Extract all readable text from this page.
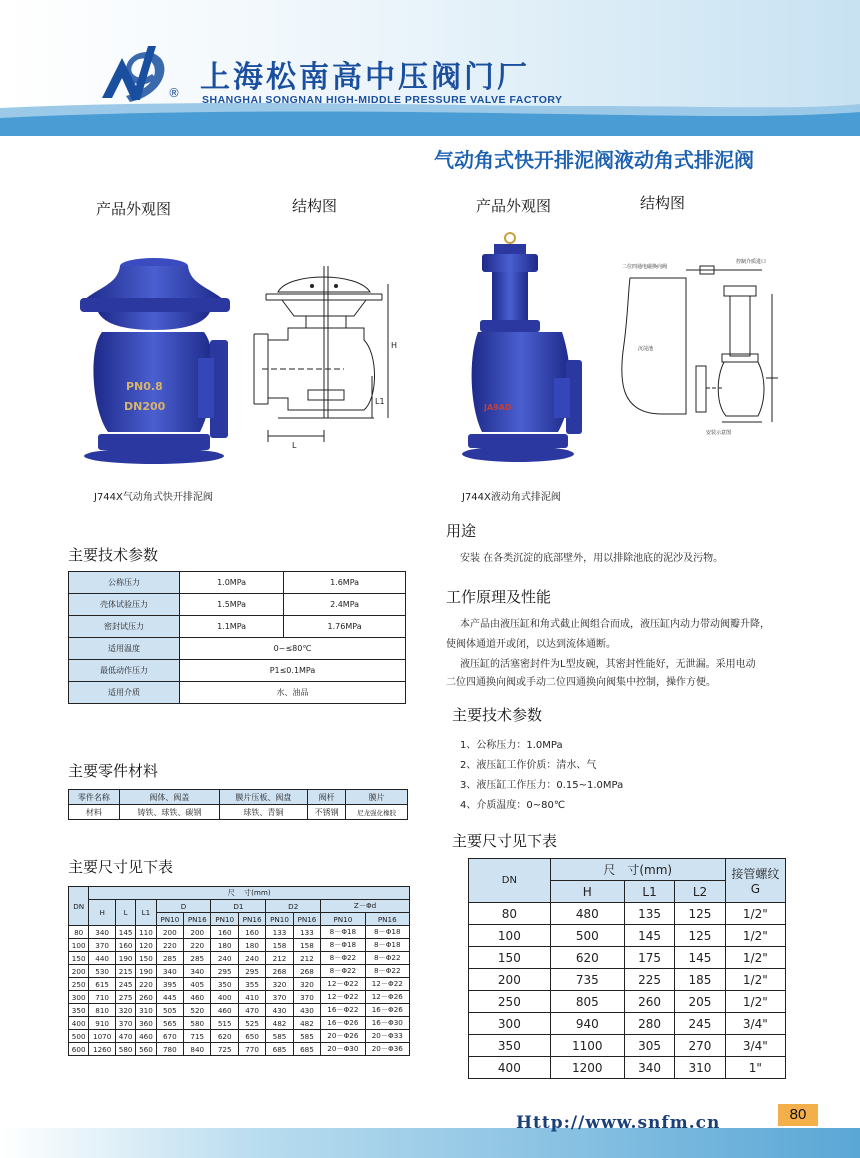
® 上海松南高中压阀门厂
SHANGHAI SONGNAN HIGH-MIDDLE PRESSURE VALVE FACTORY
气动角式快开排泥阀液动角式排泥阀
产品外观图	结构图
PN0.8
DN200
H
L1
L
J744X气动角式快开排泥阀
主要技术参数
公称压力	1.0MPa	1.6MPa
壳体试验压力	1.5MPa	2.4MPa
密封试压力	1.1MPa	1.76MPa
适用温度	0~≤80℃	
最低动作压力	P1≤0.1MPa	
适用介质	水、油品	
主要零件材料
零件名称	阀体、阀盖	膜片压板、阀盘	阀杆	膜片
材料	铸铁、球铁、碳钢	球铁、青铜	不锈钢	尼龙强化橡胶
主要尺寸见下表
DN	尺 寸(mm)										
	H	L	L1	D		D1		D2		Z－Φd	
				PN10	PN16	PN10	PN16	PN10	PN16	PN10	PN16
80	340	145	110	200	200	160	160	133	133	8－Φ18	8－Φ18
100	370	160	120	220	220	180	180	158	158	8－Φ18	8－Φ18
150	440	190	150	285	285	240	240	212	212	8－Φ22	8－Φ22
200	530	215	190	340	340	295	295	268	268	8－Φ22	8－Φ22
250	615	245	220	395	405	350	355	320	320	12－Φ22	12－Φ22
300	710	275	260	445	460	400	410	370	370	12－Φ22	12－Φ26
350	810	320	310	505	520	460	470	430	430	16－Φ22	16－Φ26
400	910	370	360	565	580	515	525	482	482	16－Φ26	16－Φ30
500	1070	470	460	670	715	620	650	585	585	20－Φ26	20－Φ33
600	1260	580	560	780	840	725	770	685	685	20－Φ30	20－Φ36
产品外观图	结构图
JA9AD
二位四通电磁换向阀
控制介质进口
沉淀池
安装示意图
J744X液动角式排泥阀
用途
安装 在各类沉淀的底部壁外，用以排除池底的泥沙及污物。
工作原理及性能
本产品由液压缸和角式截止阀组合而成，液压缸内动力带动阀瓣升降，
使阀体通道开或闭，以达到流体通断。
液压缸的活塞密封件为L型皮碗，其密封性能好，无泄漏。采用电动
二位四通换向阀或手动二位四通换向阀集中控制，操作方便。
主要技术参数
1、公称压力：1.0MPa
2、液压缸工作价质：清水、气
3、液压缸工作压力：0.15~1.0MPa
4、介质温度：0~80℃
主要尺寸见下表
DN	尺　寸(mm)			接管螺纹
G
	H	L1	L2	
80	480	135	125	1/2"
100	500	145	125	1/2"
150	620	175	145	1/2"
200	735	225	185	1/2"
250	805	260	205	1/2"
300	940	280	245	3/4"
350	1100	305	270	3/4"
400	1200	340	310	1"
Http://www.snfm.cn	80
